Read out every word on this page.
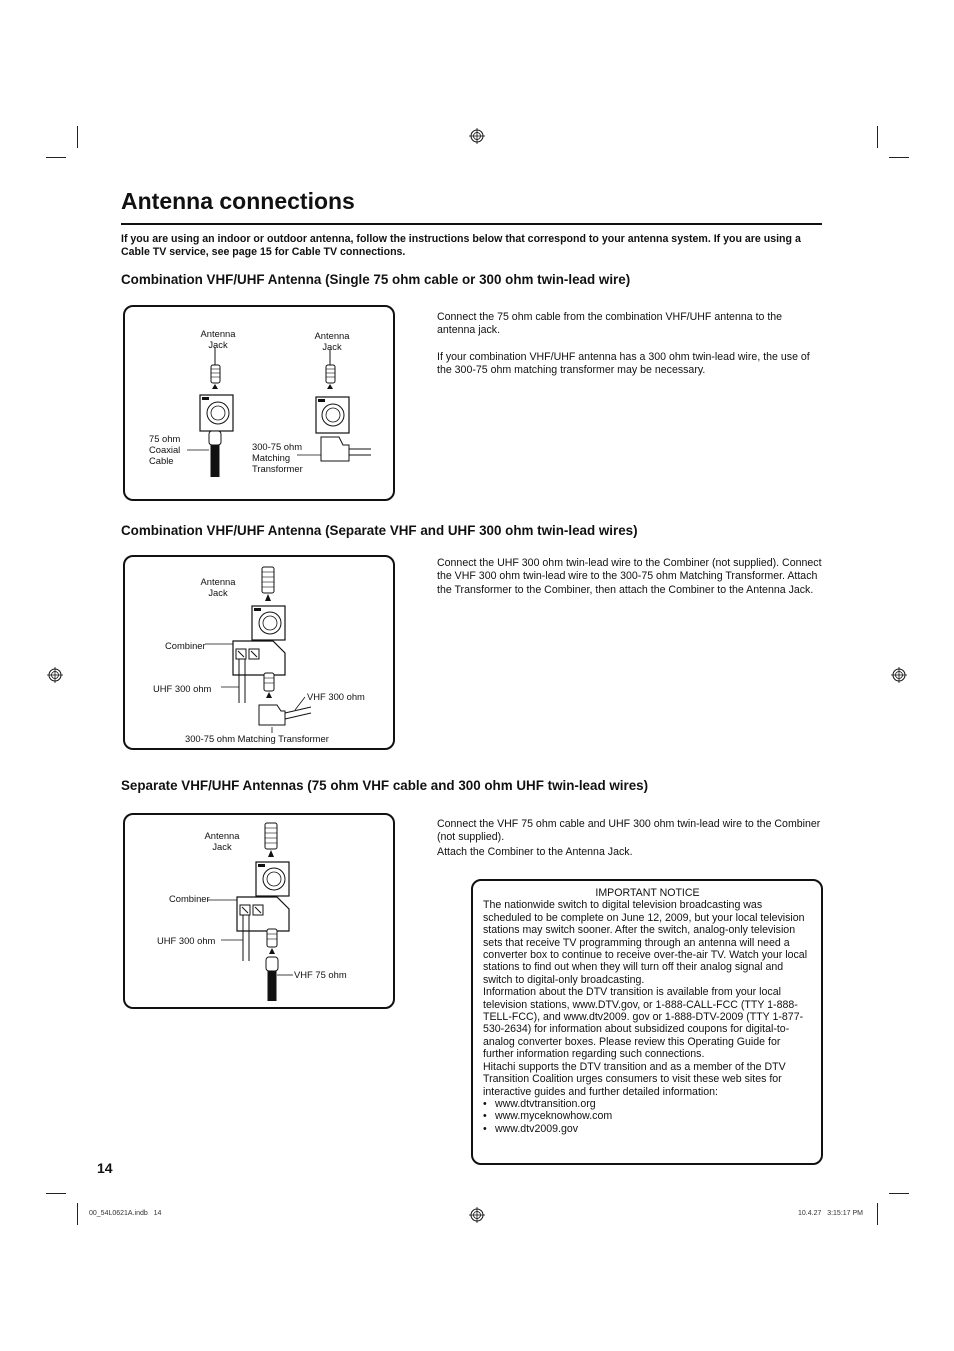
Antenna connections
If you are using an indoor or outdoor antenna, follow the instructions below that correspond to your antenna system. If you are using a Cable TV service, see page 15 for Cable TV connections.
Combination VHF/UHF Antenna (Single 75 ohm cable or 300 ohm twin-lead wire)
Antenna
Jack
Antenna
Jack
75 ohm
Coaxial
Cable
300-75 ohm
Matching
Transformer

Connect the 75 ohm cable from the combination VHF/UHF antenna to the antenna jack.

If your combination VHF/UHF antenna has a 300 ohm twin-lead wire, the use of the 300-75 ohm matching transformer may be necessary.

Combination VHF/UHF Antenna (Separate VHF and UHF 300 ohm twin-lead wires)
Antenna
Jack
Combiner
UHF 300 ohm
VHF 300 ohm
300-75 ohm Matching Transformer

Connect the UHF 300 ohm twin-lead wire to the Combiner (not supplied). Connect the VHF 300 ohm twin-lead wire to the 300-75 ohm Matching Transformer. Attach the Transformer to the Combiner, then attach the Combiner to the Antenna Jack.

Separate VHF/UHF Antennas (75 ohm VHF cable and 300 ohm UHF twin-lead wires)
Antenna
Jack
Combiner
UHF 300 ohm
VHF 75 ohm

Connect the VHF 75 ohm cable and UHF 300 ohm twin-lead wire to the Combiner (not supplied).

Attach the Combiner to the Antenna Jack.

IMPORTANT NOTICE

The nationwide switch to digital television broadcasting was scheduled to be complete on June 12, 2009, but your local television stations may switch sooner. After the switch, analog-only television sets that receive TV programming through an antenna will need a converter box to continue to receive over-the-air TV. Watch your local stations to find out when they will turn off their analog signal and switch to digital-only broadcasting.

Information about the DTV transition is available from your local television stations, www.DTV.gov, or 1-888-CALL-FCC (TTY 1-888-TELL-FCC), and www.dtv2009. gov or 1-888-DTV-2009 (TTY 1-877-530-2634) for information about subsidized coupons for digital-to-analog converter boxes. Please review this Operating Guide for further information regarding such connections.

Hitachi supports the DTV transition and as a member of the DTV Transition Coalition urges consumers to visit these web sites for interactive guides and further detailed information:

• www.dtvtransition.org
• www.myceknowhow.com
• www.dtv2009.gov
14
00_54L0621A.indb   14	10.4.27   3:15:17 PM
